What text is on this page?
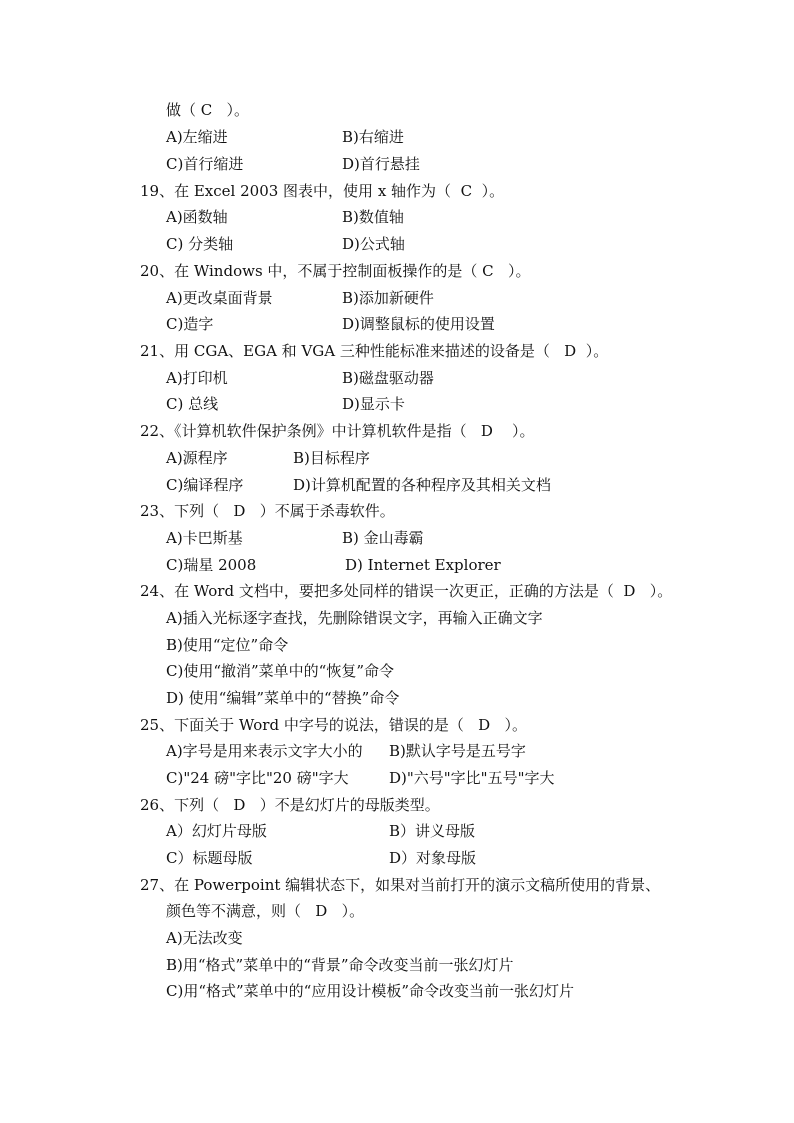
做（ C   ）。
A)左缩进	B)右缩进
C)首行缩进	D)首行悬挂
19、在 Excel 2003 图表中，使用 x 轴作为（  C  ）。
A)函数轴	B)数值轴
C) 分类轴	D)公式轴
20、在 Windows 中，不属于控制面板操作的是（ C   ）。
A)更改桌面背景	B)添加新硬件
C)造字	D)调整鼠标的使用设置
21、用 CGA、EGA 和 VGA 三种性能标准来描述的设备是（   D  ）。
A)打印机	B)磁盘驱动器
C) 总线	D)显示卡
22、《计算机软件保护条例》中计算机软件是指（   D    ）。
A)源程序	B)目标程序
C)编译程序	D)计算机配置的各种程序及其相关文档
23、下列（   D   ）不属于杀毒软件。
A)卡巴斯基	B) 金山毒霸
C)瑞星 2008	D) Internet Explorer
24、在 Word 文档中，要把多处同样的错误一次更正，正确的方法是（  D   ）。
A)插入光标逐字查找，先删除错误文字，再输入正确文字
B)使用“定位”命令
C)使用“撤消”菜单中的“恢复”命令
D) 使用“编辑”菜单中的“替换”命令
25、下面关于 Word 中字号的说法，错误的是（   D   ）。
A)字号是用来表示文字大小的 B)默认字号是五号字
C)"24 磅"字比"20 磅"字大	D)"六号"字比"五号"字大
26、下列（   D   ）不是幻灯片的母版类型。
A）幻灯片母版	B）讲义母版
C）标题母版	D）对象母版
27、在 Powerpoint 编辑状态下，如果对当前打开的演示文稿所使用的背景、
颜色等不满意，则（   D   ）。
A)无法改变
B)用“格式”菜单中的“背景”命令改变当前一张幻灯片
C)用“格式”菜单中的“应用设计模板”命令改变当前一张幻灯片
